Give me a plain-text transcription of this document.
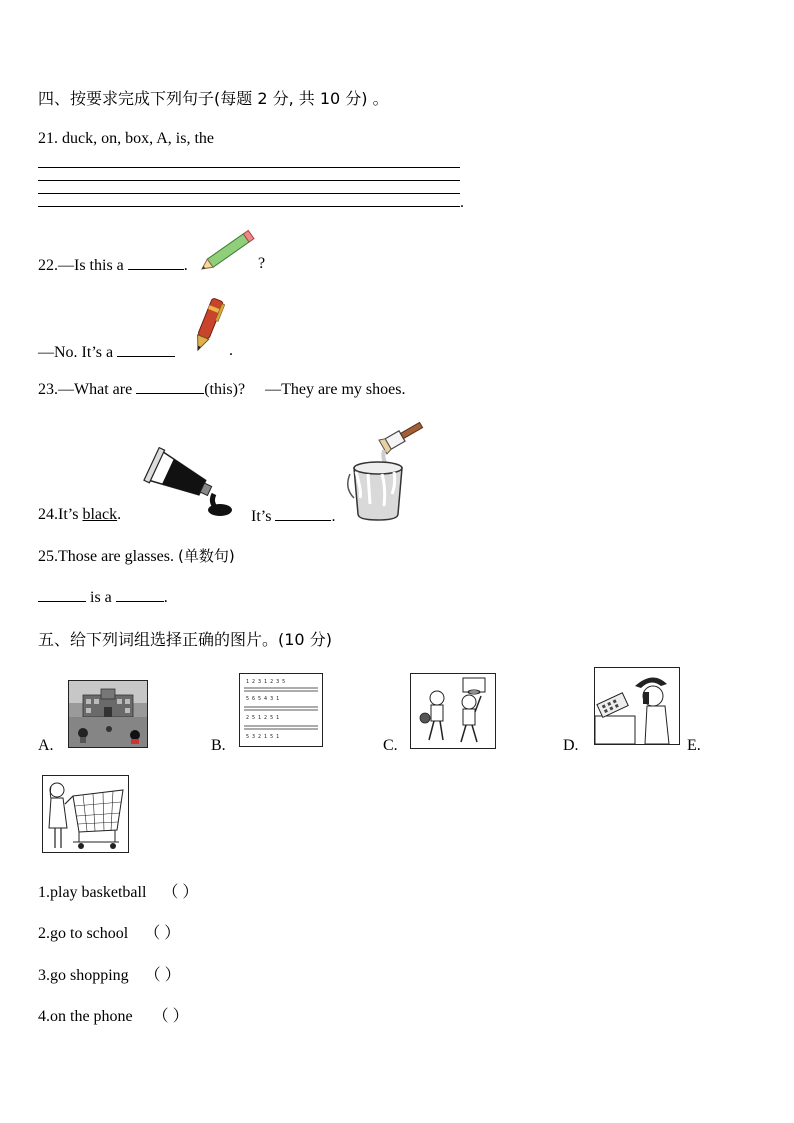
四、按要求完成下列句子(每题 2 分, 共 10 分) 。
21. duck, on, box, A, is, the
.
22.—Is this a	.	?
—No. It’s a	.
23.—What are	(this)? —They are my shoes.
24.It’s black.	It’s	.
25.Those are glasses. (单数句)
is a	.
五、给下列词组选择正确的图片。(10 分)
A.	B.	C.	D.	E.
1 2 3 1 2 3 5
5 6 5 4 3 1
2 5 1 2 5 1
5 3 2 1 5 1
1.play basketball （ ）
2.go to school （ ）
3.go shopping （ ）
4.on the phone （ ）
